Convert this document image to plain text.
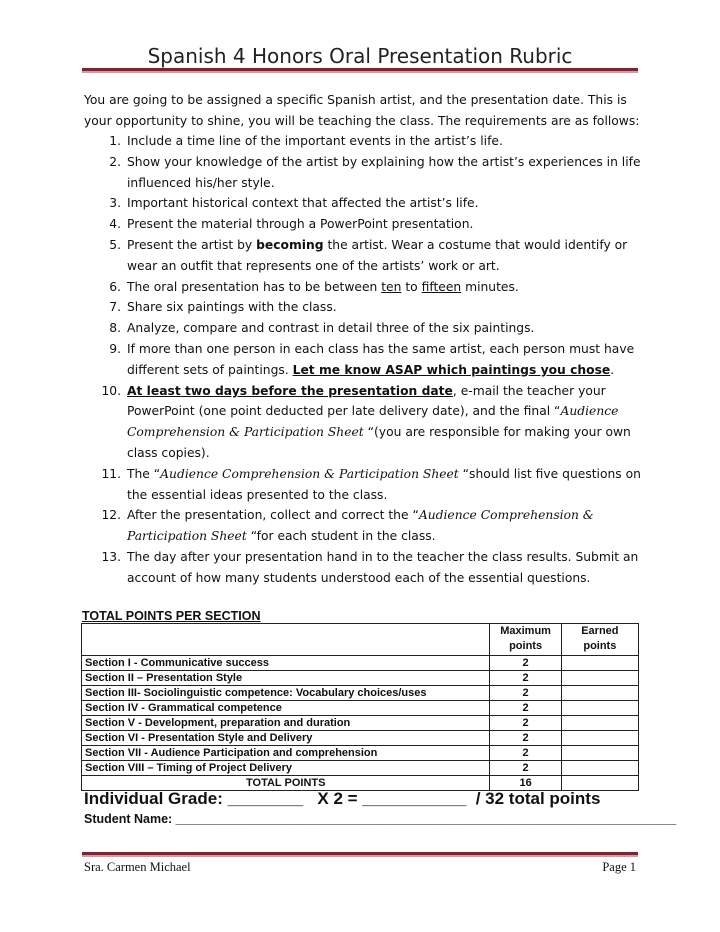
Spanish 4 Honors Oral Presentation Rubric

You are going to be assigned a specific Spanish artist, and the presentation date. This is your opportunity to shine, you will be teaching the class. The requirements are as follows:

1. Include a time line of the important events in the artist’s life.
2. Show your knowledge of the artist by explaining how the artist’s experiences in life influenced his/her style.
3. Important historical context that affected the artist’s life.
4. Present the material through a PowerPoint presentation.
5. Present the artist by becoming the artist. Wear a costume that would identify or wear an outfit that represents one of the artists’ work or art.
6. The oral presentation has to be between ten to fifteen minutes.
7. Share six paintings with the class.
8. Analyze, compare and contrast in detail three of the six paintings.
9. If more than one person in each class has the same artist, each person must have different sets of paintings. Let me know ASAP which paintings you chose.
10. At least two days before the presentation date, e-mail the teacher your PowerPoint (one point deducted per late delivery date), and the final “Audience Comprehension & Participation Sheet “(you are responsible for making your own class copies).
11. The “Audience Comprehension & Participation Sheet “should list five questions on the essential ideas presented to the class.
12. After the presentation, collect and correct the “Audience Comprehension & Participation Sheet “for each student in the class.
13. The day after your presentation hand in to the teacher the class results. Submit an account of how many students understood each of the essential questions.
TOTAL POINTS PER SECTION
	Maximum points	Earned points
Section I - Communicative success	2	
Section II – Presentation Style	2	
Section III- Sociolinguistic competence: Vocabulary choices/uses	2	
Section IV - Grammatical competence	2	
Section V - Development, preparation and duration	2	
Section VI - Presentation Style and Delivery	2	
Section VII - Audience Participation and comprehension	2	
Section VIII – Timing of Project Delivery	2	
TOTAL POINTS	16	
Individual Grade: ________   X 2 = ___________  / 32 total points
Student Name: ________________________________________________________________________
Sra. Carmen Michael	Page 1
